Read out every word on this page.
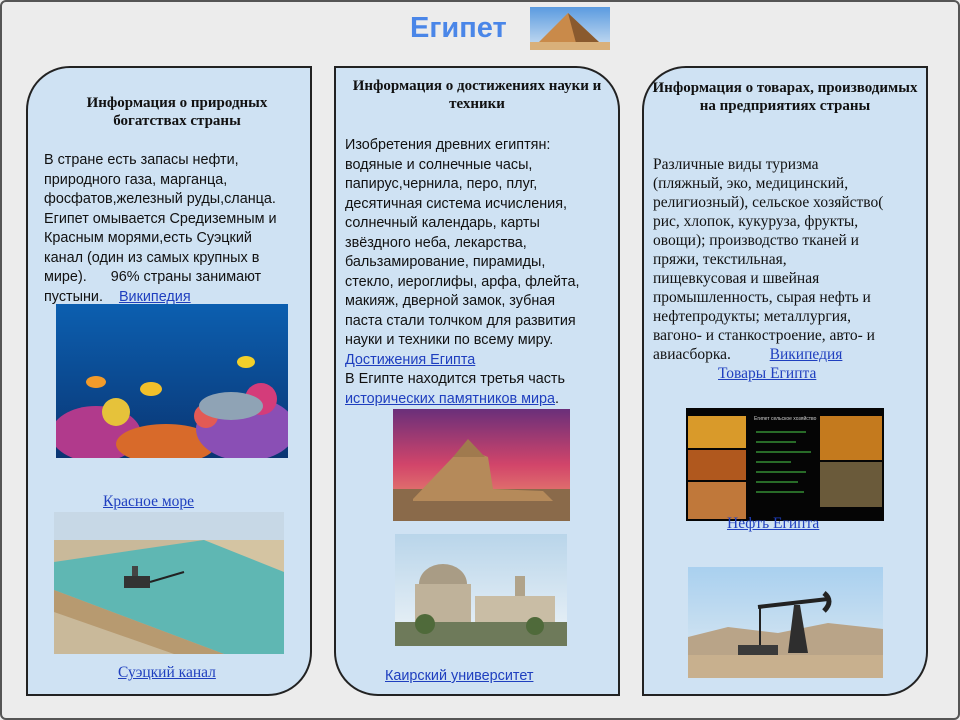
Египет
Информация о природных богатствах страны
В стране есть запасы нефти,
природного газа, марганца,
фосфатов,железный руды,сланца.
Египет омывается Средиземным и
Красным морями,есть Суэцкий
канал (один из самых крупных в
мире).      96% страны занимают
пустыни. Википедия
Красное море
Суэцкий канал
Информация о достижениях науки и техники
Изобретения древних египтян:
водяные и солнечные часы,
папирус,чернила, перо, плуг,
десятичная система исчисления,
солнечный календарь, карты
звёздного неба, лекарства,
бальзамирование, пирамиды,
стекло, иероглифы, арфа, флейта,
макияж, дверной замок, зубная
паста стали толчком для развития
науки и техники по всему миру.
Достижения Египта
В Египте находится третья часть
исторических памятников мира.
Каирский университет
Информация о товарах, производимых на предприятиях страны
Различные виды туризма
(пляжный, эко, медицинский,
религиозный), сельское хозяйство(
рис, хлопок, кукуруза, фрукты,
овощи); производство тканей и
пряжи, текстильная,
пищевкусовая и швейная
промышленность, сырая нефть и
нефтепродукты; металлургия,
вагоно- и станкостроение, авто- и
авиасборка.	Википедия
Товары Египта
Египет сельское хозяйство
Нефть Египта
